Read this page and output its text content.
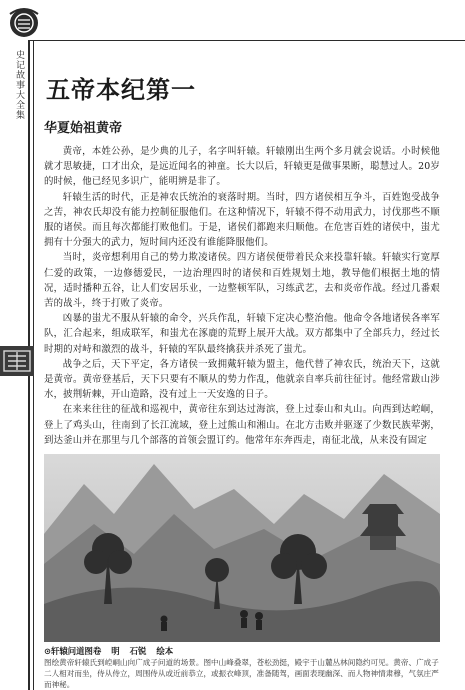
史记故事大全集 五帝本纪第一
华夏始祖黄帝

黄帝，本姓公孙，是少典的儿子，名字叫轩辕。轩辕刚出生两个多月就会说话。小时候他就才思敏捷，口才出众，是远近闻名的神童。长大以后，轩辕更是做事果断，聪慧过人。20岁的时候，他已经见多识广，能明辨是非了。

轩辕生活的时代，正是神农氏统治的衰落时期。当时，四方诸侯相互争斗，百姓饱受战争之苦，神农氏却没有能力控制征服他们。在这种情况下，轩辕不得不动用武力，讨伐那些不顺服的诸侯。而且每次都能打败他们。于是，诸侯们都跑来归顺他。在危害百姓的诸侯中，蚩尤拥有十分强大的武力，短时间内还没有谁能降服他们。

当时，炎帝想利用自己的势力欺凌诸侯。四方诸侯便带着民众来投靠轩辕。轩辕实行宽厚仁爱的政策，一边修德爱民，一边治理四时的诸侯和百姓规划土地，教导他们根据土地的情况，适时播种五谷，让人们安居乐业，一边整顿军队，习练武艺，去和炎帝作战。经过几番艰苦的战斗，终于打败了炎帝。

凶暴的蚩尤不服从轩辕的命令，兴兵作乱，轩辕下定决心整治他。他命令各地诸侯各率军队，汇合起来，组成联军，和蚩尤在涿鹿的荒野上展开大战。双方都集中了全部兵力，经过长时期的对峙和激烈的战斗，轩辕的军队最终擒获并杀死了蚩尤。

战争之后，天下平定，各方诸侯一致拥戴轩辕为盟主，他代替了神农氏，统治天下，这就是黄帝。黄帝登基后，天下只要有不顺从的势力作乱，他就亲自率兵前往征讨。他经常跋山涉水，披荆斩棘，开山造路，没有过上一天安逸的日子。

在来来往往的征战和巡视中，黄帝往东到达过海滨，登上过泰山和丸山。向西到达崆峒，登上了鸡头山，往南到了长江流域，登上过熊山和湘山。在北方击败并驱逐了少数民族荤粥，到达釜山并在那里与几个部落的首领会盟订约。他常年东奔西走，南征北战，从来没有固定

⊙轩辕问道图卷 明 石锐 绘本
图绘黄帝轩辕氏到崆峒山向广成子问道的场景。图中山峰叠翠，苍松劲挺，殿宇于山麓丛林间隐约可见。黄帝、广成子二人相对而坐，侍从侍立，周围侍从或近前恭立，或振衣峰顶，准备随驾，画面表现幽深、而人物神情肃穆，气氛庄严而神秘。
